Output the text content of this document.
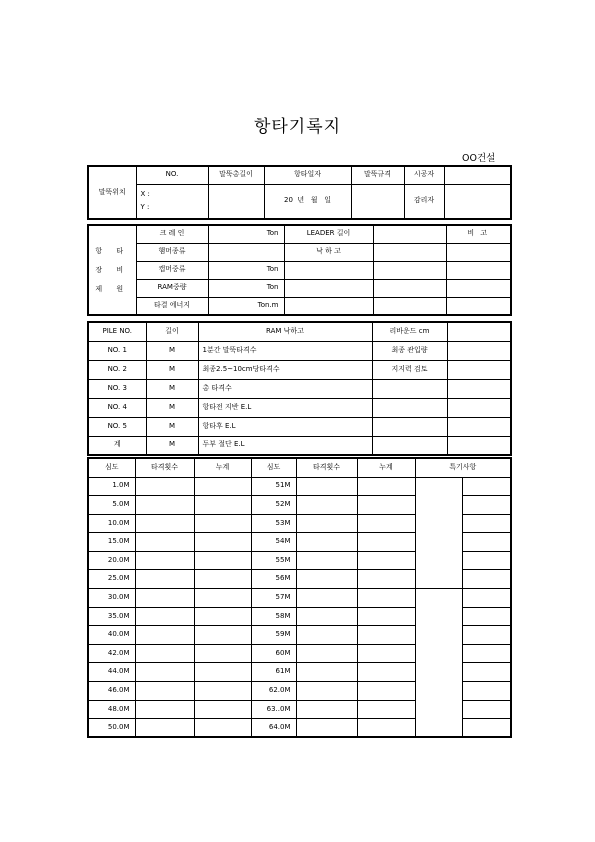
항타기록지
OO건설
말뚝위치	NO.	말뚝총길이	항타일자	말뚝규격	시공자	

	X :
Y :		20  년   월   일		감리자	
항 타 장 비 제 원	크 레 인	Ton	LEADER 길이		비 고
	햄머종류		낙 하 고		
	캡머중류	Ton			
	RAM중량	Ton			
	타결 에너지	Ton.m			
PILE NO.	길이	RAM 낙하고	리바운드 cm	
NO. 1	M	1분간 말뚝타격수	최종 관입량	
NO. 2	M	최종2.5~10cm당타격수	지지력 검토	
NO. 3	M	총 타격수		
NO. 4	M	항타전 지반 E.L		
NO. 5	M	항타후 E.L		
계	M	두부 절단 E.L		
심도	타격횟수	누계	심도	타격횟수	누계	특기사항	
1.0M			51M				
5.0M			52M				
10.0M			53M				
15.0M			54M				
20.0M			55M				
25.0M			56M				
30.0M			57M				
35.0M			58M				
40.0M			59M				
42.0M			60M				
44.0M			61M				
46.0M			62.0M				
48.0M			63..0M				
50.0M			64.0M				
